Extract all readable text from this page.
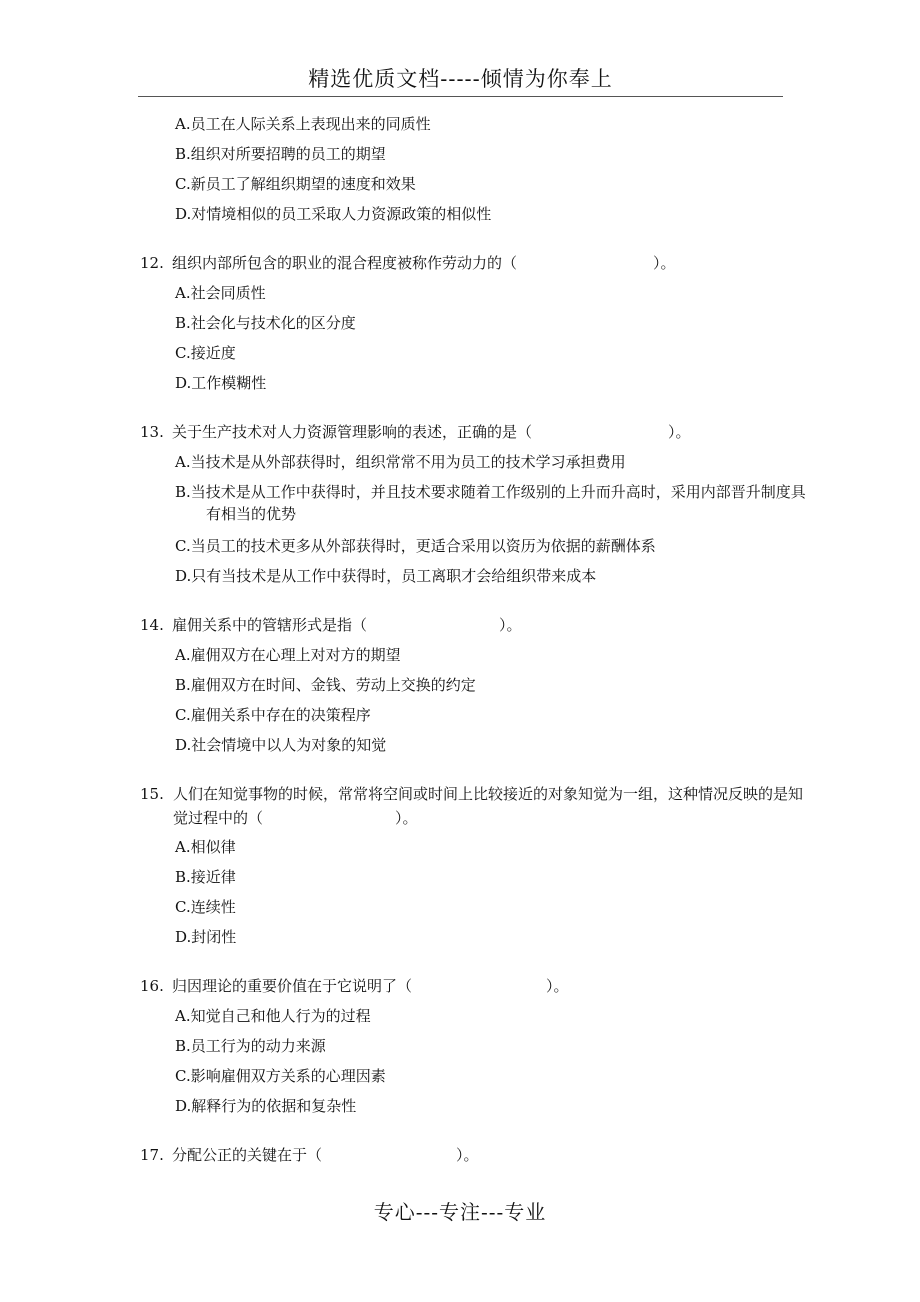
精选优质文档-----倾情为你奉上
A.员工在人际关系上表现出来的同质性
B.组织对所要招聘的员工的期望
C.新员工了解组织期望的速度和效果
D.对情境相似的员工采取人力资源政策的相似性
12. 组织内部所包含的职业的混合程度被称作劳动力的（	）。
A.社会同质性
B.社会化与技术化的区分度
C.接近度
D.工作模糊性
13. 关于生产技术对人力资源管理影响的表述，正确的是（	）。
A.当技术是从外部获得时，组织常常不用为员工的技术学习承担费用
B.当技术是从工作中获得时，并且技术要求随着工作级别的上升而升高时，采用内部晋升制度具有相当的优势
C.当员工的技术更多从外部获得时，更适合采用以资历为依据的薪酬体系
D.只有当技术是从工作中获得时，员工离职才会给组织带来成本
14. 雇佣关系中的管辖形式是指（	）。
A.雇佣双方在心理上对对方的期望
B.雇佣双方在时间、金钱、劳动上交换的约定
C.雇佣关系中存在的决策程序
D.社会情境中以人为对象的知觉
15. 人们在知觉事物的时候，常常将空间或时间上比较接近的对象知觉为一组，这种情况反映的是知觉过程中的（	）。
A.相似律
B.接近律
C.连续性
D.封闭性
16. 归因理论的重要价值在于它说明了（	）。
A.知觉自己和他人行为的过程
B.员工行为的动力来源
C.影响雇佣双方关系的心理因素
D.解释行为的依据和复杂性
17. 分配公正的关键在于（	）。
专心---专注---专业
